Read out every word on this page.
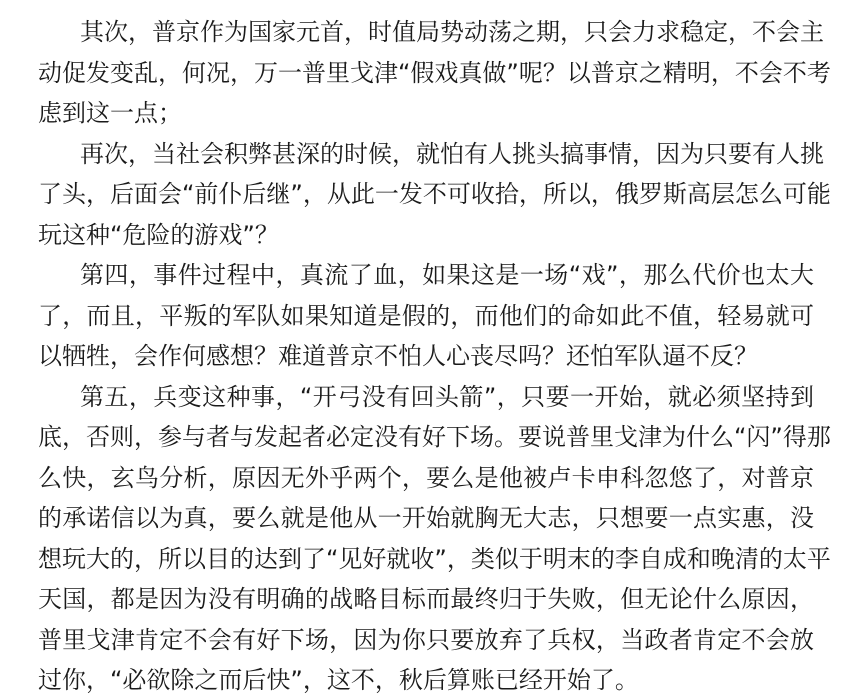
其次，普京作为国家元首，时值局势动荡之期，只会力求稳定，不会主
动促发变乱，何况，万一普里戈津“假戏真做”呢？以普京之精明，不会不考
虑到这一点；
再次，当社会积弊甚深的时候，就怕有人挑头搞事情，因为只要有人挑
了头，后面会“前仆后继”，从此一发不可收拾，所以，俄罗斯高层怎么可能
玩这种“危险的游戏”？
第四，事件过程中，真流了血，如果这是一场“戏”，那么代价也太大
了，而且，平叛的军队如果知道是假的，而他们的命如此不值，轻易就可
以牺牲，会作何感想？难道普京不怕人心丧尽吗？还怕军队逼不反？
第五，兵变这种事，“开弓没有回头箭”，只要一开始，就必须坚持到
底，否则，参与者与发起者必定没有好下场。要说普里戈津为什么“闪”得那
么快，玄鸟分析，原因无外乎两个，要么是他被卢卡申科忽悠了，对普京
的承诺信以为真，要么就是他从一开始就胸无大志，只想要一点实惠，没
想玩大的，所以目的达到了“见好就收”，类似于明末的李自成和晚清的太平
天国，都是因为没有明确的战略目标而最终归于失败，但无论什么原因，
普里戈津肯定不会有好下场，因为你只要放弃了兵权，当政者肯定不会放
过你，“必欲除之而后快”，这不，秋后算账已经开始了。
